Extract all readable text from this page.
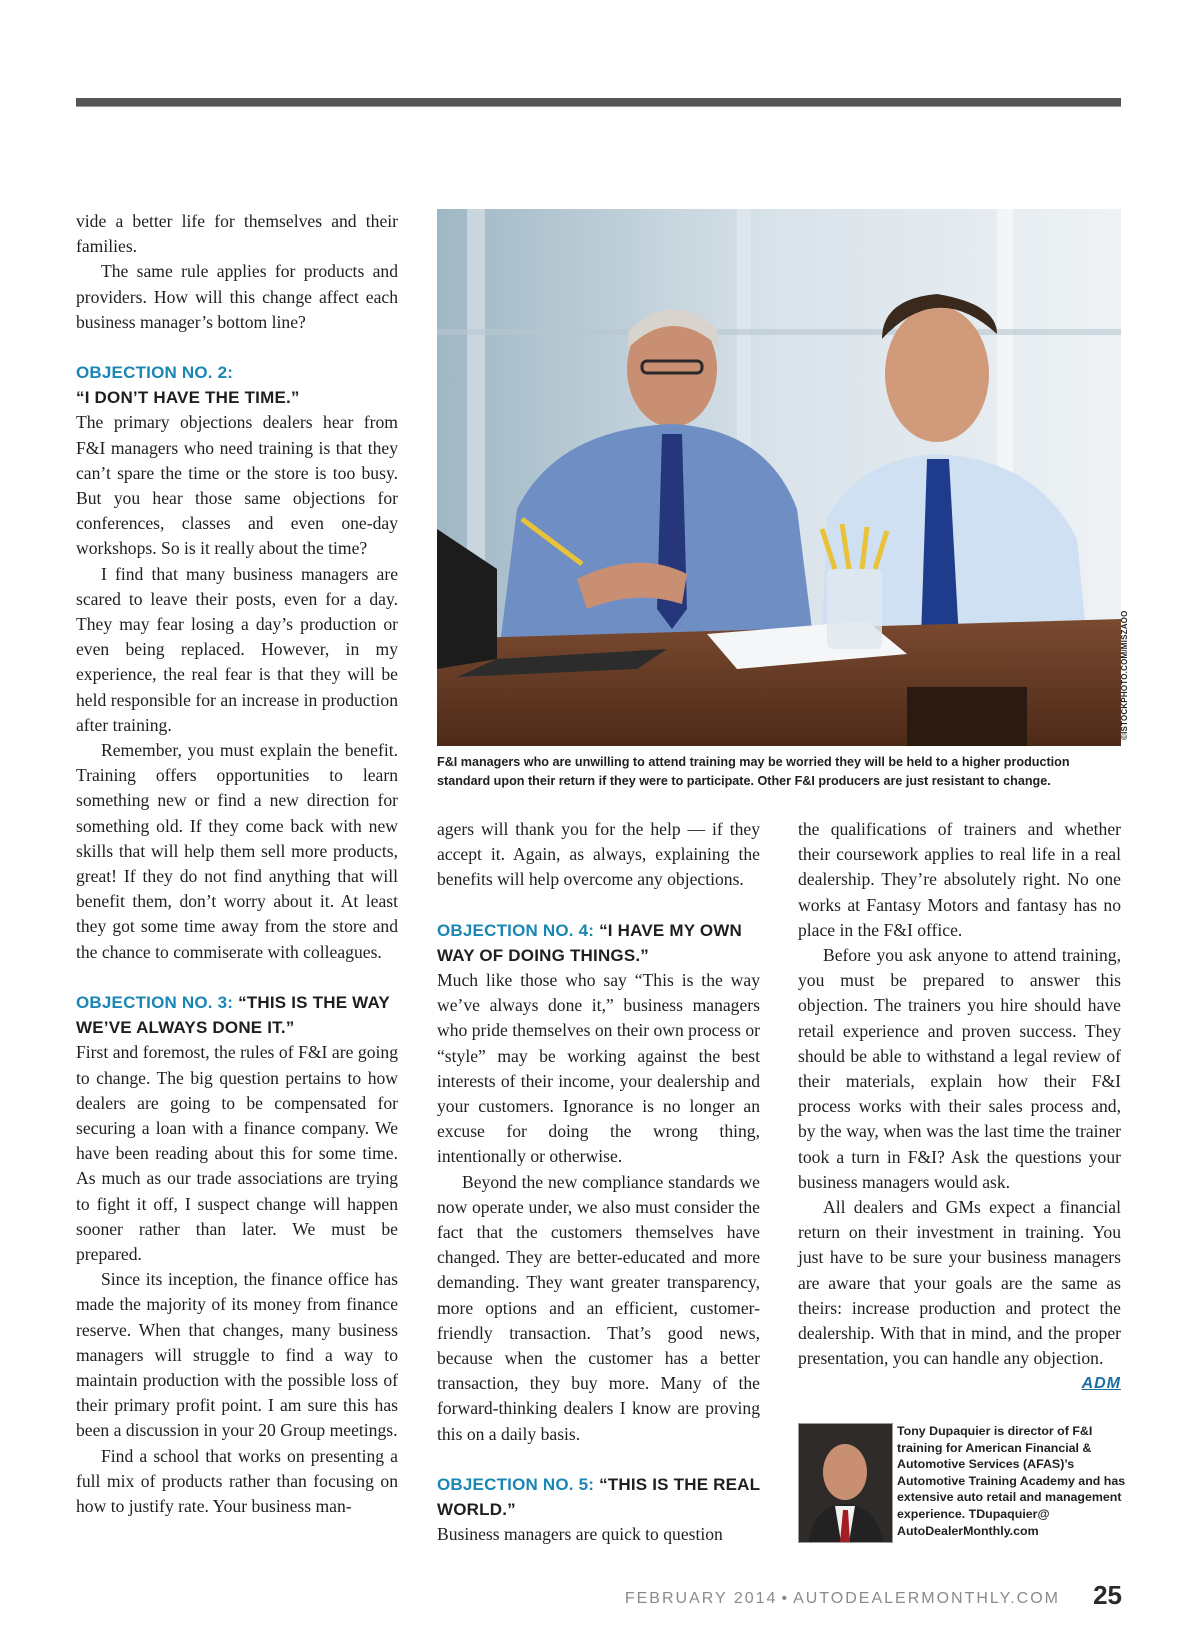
vide a better life for themselves and their families.

The same rule applies for products and providers. How will this change affect each business manager’s bottom line?

OBJECTION NO. 2:
“I DON’T HAVE THE TIME.”

The primary objections dealers hear from F&I managers who need training is that they can’t spare the time or the store is too busy. But you hear those same objections for conferences, classes and even one-day workshops. So is it really about the time?

I find that many business managers are scared to leave their posts, even for a day. They may fear losing a day’s production or even being replaced. However, in my experience, the real fear is that they will be held responsible for an increase in production after training.

Remember, you must explain the benefit. Training offers opportunities to learn something new or find a new direction for something old. If they come back with new skills that will help them sell more products, great! If they do not find anything that will benefit them, don’t worry about it. At least they got some time away from the store and the chance to commiserate with colleagues.

OBJECTION NO. 3: “THIS IS THE WAY WE’VE ALWAYS DONE IT.”

First and foremost, the rules of F&I are going to change. The big question pertains to how dealers are going to be compensated for securing a loan with a finance company. We have been reading about this for some time. As much as our trade associations are trying to fight it off, I suspect change will happen sooner rather than later. We must be prepared.

Since its inception, the finance office has made the majority of its money from finance reserve. When that changes, many business managers will struggle to find a way to maintain production with the possible loss of their primary profit point. I am sure this has been a discussion in your 20 Group meetings.

Find a school that works on presenting a full mix of products rather than focusing on how to justify rate. Your business man-

©ISTOCKPHOTO.COM/MISZAOO
F&I managers who are unwilling to attend training may be worried they will be held to a higher production standard upon their return if they were to participate. Other F&I producers are just resistant to change.

agers will thank you for the help — if they accept it. Again, as always, explaining the benefits will help overcome any objections.

OBJECTION NO. 4: “I HAVE MY OWN WAY OF DOING THINGS.”

Much like those who say “This is the way we’ve always done it,” business managers who pride themselves on their own process or “style” may be working against the best interests of their income, your dealership and your customers. Ignorance is no longer an excuse for doing the wrong thing, intentionally or otherwise.

Beyond the new compliance standards we now operate under, we also must consider the fact that the customers themselves have changed. They are better-educated and more demanding. They want greater transparency, more options and an efficient, customer-friendly transaction. That’s good news, because when the customer has a better transaction, they buy more. Many of the forward-thinking dealers I know are proving this on a daily basis.

OBJECTION NO. 5: “THIS IS THE REAL WORLD.”

Business managers are quick to question

the qualifications of trainers and whether their coursework applies to real life in a real dealership. They’re absolutely right. No one works at Fantasy Motors and fantasy has no place in the F&I office.

Before you ask anyone to attend training, you must be prepared to answer this objection. The trainers you hire should have retail experience and proven success. They should be able to withstand a legal review of their materials, explain how their F&I process works with their sales process and, by the way, when was the last time the trainer took a turn in F&I? Ask the questions your business managers would ask.

All dealers and GMs expect a financial return on their investment in training. You just have to be sure your business managers are aware that your goals are the same as theirs: increase production and protect the dealership. With that in mind, and the proper presentation, you can handle any objection.
ADM

Tony Dupaquier is director of F&I training for American Financial & Automotive Services (AFAS)’s Automotive Training Academy and has extensive auto retail and management experience. TDupaquier@ AutoDealerMonthly.com
FEBRUARY 2014 • AUTODEALERMONTHLY.COM 25
